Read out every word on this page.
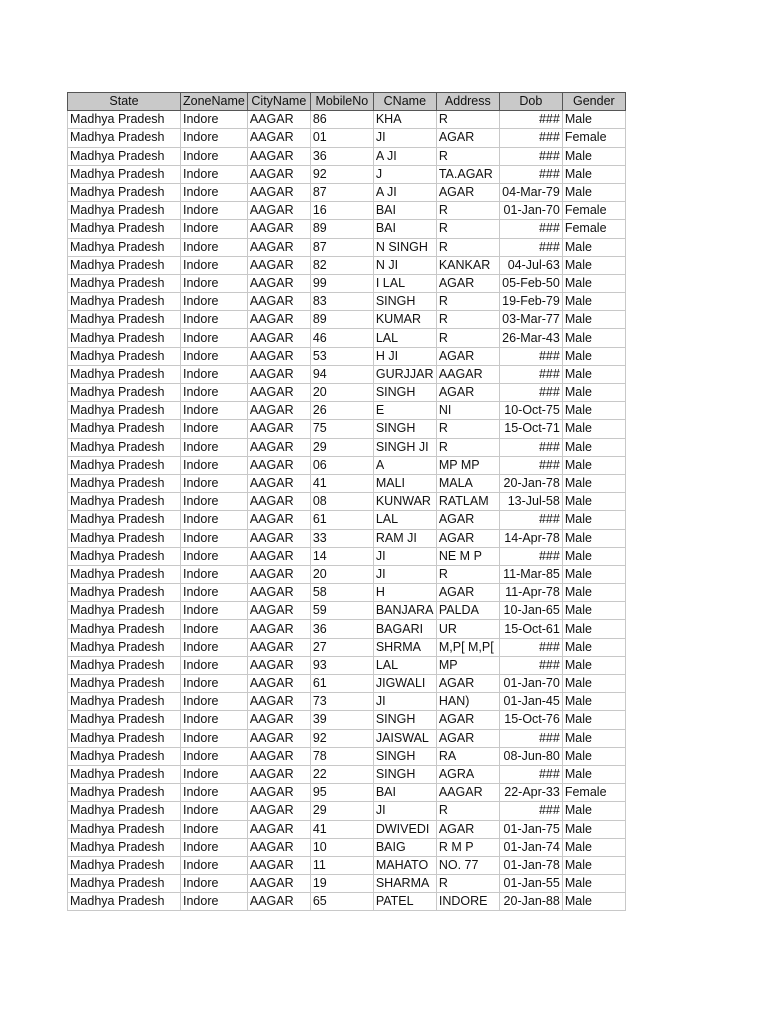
State	ZoneName	CityName	MobileNo	CName	Address	Dob	Gender
Madhya Pradesh	Indore	AAGAR	86	KHA	R	###	Male
Madhya Pradesh	Indore	AAGAR	01	JI	AGAR	###	Female
Madhya Pradesh	Indore	AAGAR	36	A JI	R	###	Male
Madhya Pradesh	Indore	AAGAR	92	J	TA.AGAR	###	Male
Madhya Pradesh	Indore	AAGAR	87	A JI	AGAR	04-Mar-79	Male
Madhya Pradesh	Indore	AAGAR	16	BAI	R	01-Jan-70	Female
Madhya Pradesh	Indore	AAGAR	89	BAI	R	###	Female
Madhya Pradesh	Indore	AAGAR	87	N SINGH	R	###	Male
Madhya Pradesh	Indore	AAGAR	82	N JI	KANKAR	04-Jul-63	Male
Madhya Pradesh	Indore	AAGAR	99	I LAL	AGAR	05-Feb-50	Male
Madhya Pradesh	Indore	AAGAR	83	SINGH	R	19-Feb-79	Male
Madhya Pradesh	Indore	AAGAR	89	KUMAR	R	03-Mar-77	Male
Madhya Pradesh	Indore	AAGAR	46	LAL	R	26-Mar-43	Male
Madhya Pradesh	Indore	AAGAR	53	H JI	AGAR	###	Male
Madhya Pradesh	Indore	AAGAR	94	GURJJAR	AAGAR	###	Male
Madhya Pradesh	Indore	AAGAR	20	SINGH	AGAR	###	Male
Madhya Pradesh	Indore	AAGAR	26	E	NI	10-Oct-75	Male
Madhya Pradesh	Indore	AAGAR	75	SINGH	R	15-Oct-71	Male
Madhya Pradesh	Indore	AAGAR	29	SINGH JI	R	###	Male
Madhya Pradesh	Indore	AAGAR	06	A	MP MP	###	Male
Madhya Pradesh	Indore	AAGAR	41	MALI	MALA	20-Jan-78	Male
Madhya Pradesh	Indore	AAGAR	08	KUNWAR	RATLAM	13-Jul-58	Male
Madhya Pradesh	Indore	AAGAR	61	LAL	AGAR	###	Male
Madhya Pradesh	Indore	AAGAR	33	RAM JI	AGAR	14-Apr-78	Male
Madhya Pradesh	Indore	AAGAR	14	JI	NE M P	###	Male
Madhya Pradesh	Indore	AAGAR	20	JI	R	11-Mar-85	Male
Madhya Pradesh	Indore	AAGAR	58	H	AGAR	11-Apr-78	Male
Madhya Pradesh	Indore	AAGAR	59	BANJARA	PALDA	10-Jan-65	Male
Madhya Pradesh	Indore	AAGAR	36	BAGARI	UR	15-Oct-61	Male
Madhya Pradesh	Indore	AAGAR	27	SHRMA	M,P[ M,P[	###	Male
Madhya Pradesh	Indore	AAGAR	93	LAL	MP	###	Male
Madhya Pradesh	Indore	AAGAR	61	JIGWALI	AGAR	01-Jan-70	Male
Madhya Pradesh	Indore	AAGAR	73	JI	HAN)	01-Jan-45	Male
Madhya Pradesh	Indore	AAGAR	39	SINGH	AGAR	15-Oct-76	Male
Madhya Pradesh	Indore	AAGAR	92	JAISWAL	AGAR	###	Male
Madhya Pradesh	Indore	AAGAR	78	SINGH	RA	08-Jun-80	Male
Madhya Pradesh	Indore	AAGAR	22	SINGH	AGRA	###	Male
Madhya Pradesh	Indore	AAGAR	95	BAI	AAGAR	22-Apr-33	Female
Madhya Pradesh	Indore	AAGAR	29	JI	R	###	Male
Madhya Pradesh	Indore	AAGAR	41	DWIVEDI	AGAR	01-Jan-75	Male
Madhya Pradesh	Indore	AAGAR	10	BAIG	R M P	01-Jan-74	Male
Madhya Pradesh	Indore	AAGAR	11	MAHATO	NO. 77	01-Jan-78	Male
Madhya Pradesh	Indore	AAGAR	19	SHARMA	R	01-Jan-55	Male
Madhya Pradesh	Indore	AAGAR	65	PATEL	INDORE	20-Jan-88	Male
